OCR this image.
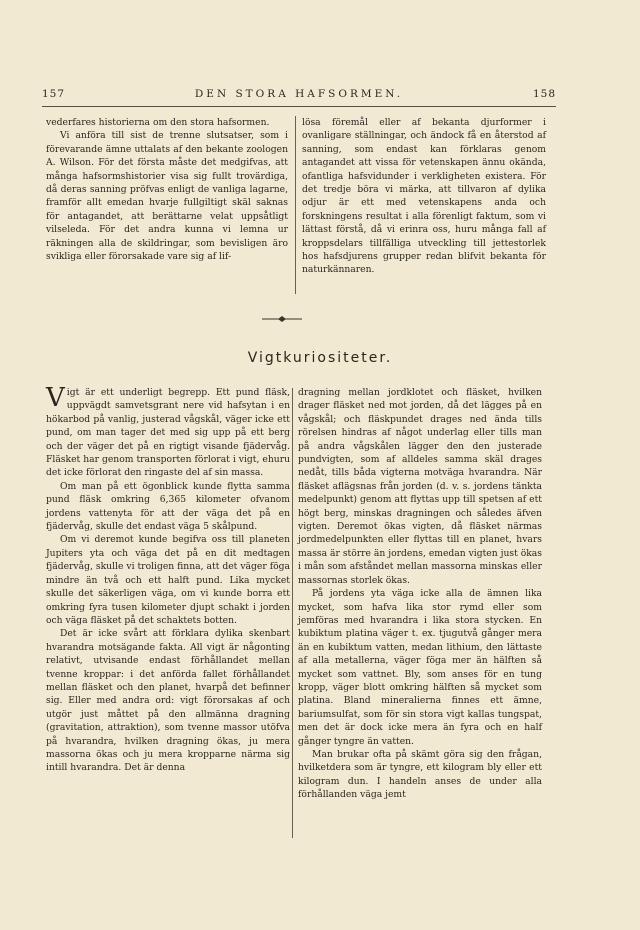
157	DEN STORA HAFSORMEN.	158

vederfares historierna om den stora hafsormen.

Vi anföra till sist de trenne slutsatser, som i förevarande ämne uttalats af den bekante zoologen A. Wilson. För det första måste det medgifvas, att många hafsormshistorier visa sig fullt trovärdiga, då deras sanning pröfvas enligt de vanliga lagarne, framför allt emedan hvarje fullgiltigt skäl saknas för antagandet, att berättarne velat uppsåtligt vilseleda. För det andra kunna vi lemna ur räkningen alla de skildringar, som bevisligen äro svikliga eller förorsakade vare sig af lif-

lösa föremål eller af bekanta djurformer i ovanligare ställningar, och ändock få en återstod af sanning, som endast kan förklaras genom antagandet att vissa för vetenskapen ännu okända, ofantliga hafsvidunder i verkligheten existera. För det tredje böra vi märka, att tillvaron af dylika odjur är ett med vetenskapens anda och forskningens resultat i alla förenligt faktum, som vi lättast förstå, då vi erinra oss, huru många fall af kroppsdelars tillfälliga utveckling till jettestorlek hos hafsdjurens grupper redan blifvit bekanta för naturkännaren.

Vigtkuriositeter.

Vigt är ett underligt begrepp. Ett pund fläsk, uppvägdt samvetsgrant nere vid hafsytan i en hökarbod på vanlig, justerad vågskål, väger icke ett pund, om man tager det med sig upp på ett berg och der väger det på en rigtigt visande fjädervåg. Fläsket har genom transporten förlorat i vigt, ehuru det icke förlorat den ringaste del af sin massa.

Om man på ett ögonblick kunde flytta samma pund fläsk omkring 6,365 kilometer ofvanom jordens vattenyta för att der väga det på en fjädervåg, skulle det endast väga 5 skålpund.

Om vi deremot kunde begifva oss till planeten Jupiters yta och väga det på en dit medtagen fjädervåg, skulle vi troligen finna, att det väger föga mindre än två och ett halft pund. Lika mycket skulle det säkerligen väga, om vi kunde borra ett omkring fyra tusen kilometer djupt schakt i jorden och väga fläsket på det schaktets botten.

Det är icke svårt att förklara dylika skenbart hvarandra motsägande fakta. All vigt är någonting relativt, utvisande endast förhållandet mellan tvenne kroppar: i det anförda fallet förhållandet mellan fläsket och den planet, hvarpå det befinner sig. Eller med andra ord: vigt förorsakas af och utgör just måttet på den allmänna dragning (gravitation, attraktion), som tvenne massor utöfva på hvarandra, hvilken dragning ökas, ju mera massorna ökas och ju mera kropparne närma sig intill hvarandra. Det är denna

dragning mellan jordklotet och fläsket, hvilken drager fläsket ned mot jorden, då det lägges på en vågskål; och fläskpundet drages ned ända tills rörelsen hindras af något underlag eller tills man på andra vågskålen lägger den den justerade pundvigten, som af alldeles samma skäl drages nedåt, tills båda vigterna motväga hvarandra. När fläsket aflägsnas från jorden (d. v. s. jordens tänkta medelpunkt) genom att flyttas upp till spetsen af ett högt berg, minskas dragningen och således äfven vigten. Deremot ökas vigten, då fläsket närmas jordmedelpunkten eller flyttas till en planet, hvars massa är större än jordens, emedan vigten just ökas i mån som afståndet mellan massorna minskas eller massornas storlek ökas.

På jordens yta väga icke alla de ämnen lika mycket, som hafva lika stor rymd eller som jemföras med hvarandra i lika stora stycken. En kubiktum platina väger t. ex. tjugutvå gånger mera än en kubiktum vatten, medan lithium, den lättaste af alla metallerna, väger föga mer än hälften så mycket som vattnet. Bly, som anses för en tung kropp, väger blott omkring hälften så mycket som platina. Bland mineralierna finnes ett ämne, bariumsulfat, som för sin stora vigt kallas tungspat, men det är dock icke mera än fyra och en half gånger tyngre än vatten.

Man brukar ofta på skämt göra sig den frågan, hvilketdera som är tyngre, ett kilogram bly eller ett kilogram dun. I handeln anses de under alla förhållanden väga jemt
